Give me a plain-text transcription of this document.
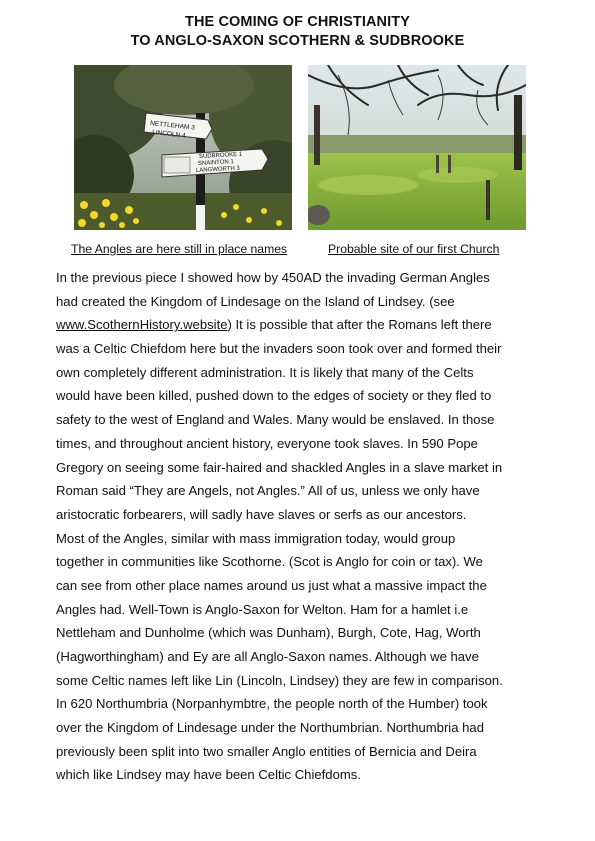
THE COMING OF CHRISTIANITY
TO ANGLO-SAXON SCOTHERN & SUDBROOKE
NETTLEHAM 3
LINCOLN 4
SUDBROOKE 1
SNAINTON 1
LANGWORTH 3
The Angles are here still in place names	Probable site of our first Church
In the previous piece I showed how by 450AD the invading German Angles
had created the Kingdom of Lindesage on the Island of Lindsey. (see
www.ScothernHistory.website) It is possible that after the Romans left there
was a Celtic Chiefdom here but the invaders soon took over and formed their
own completely different administration. It is likely that many of the Celts
would have been killed, pushed down to the edges of society or they fled to
safety to the west of England and Wales. Many would be enslaved. In those
times, and throughout ancient history, everyone took slaves. In 590 Pope
Gregory on seeing some fair-haired and shackled Angles in a slave market in
Roman said “They are Angels, not Angles.” All of us, unless we only have
aristocratic forbearers, will sadly have slaves or serfs as our ancestors.
Most of the Angles, similar with mass immigration today, would group
together in communities like Scothorne. (Scot is Anglo for coin or tax). We
can see from other place names around us just what a massive impact the
Angles had. Well-Town is Anglo-Saxon for Welton. Ham for a hamlet i.e
Nettleham and Dunholme (which was Dunham), Burgh, Cote, Hag, Worth
(Hagworthingham) and Ey are all Anglo-Saxon names. Although we have
some Celtic names left like Lin (Lincoln, Lindsey) they are few in comparison.
In 620 Northumbria (Norpanhymbtre, the people north of the Humber) took
over the Kingdom of Lindesage under the Northumbrian. Northumbria had
previously been split into two smaller Anglo entities of Bernicia and Deira
which like Lindsey may have been Celtic Chiefdoms.
